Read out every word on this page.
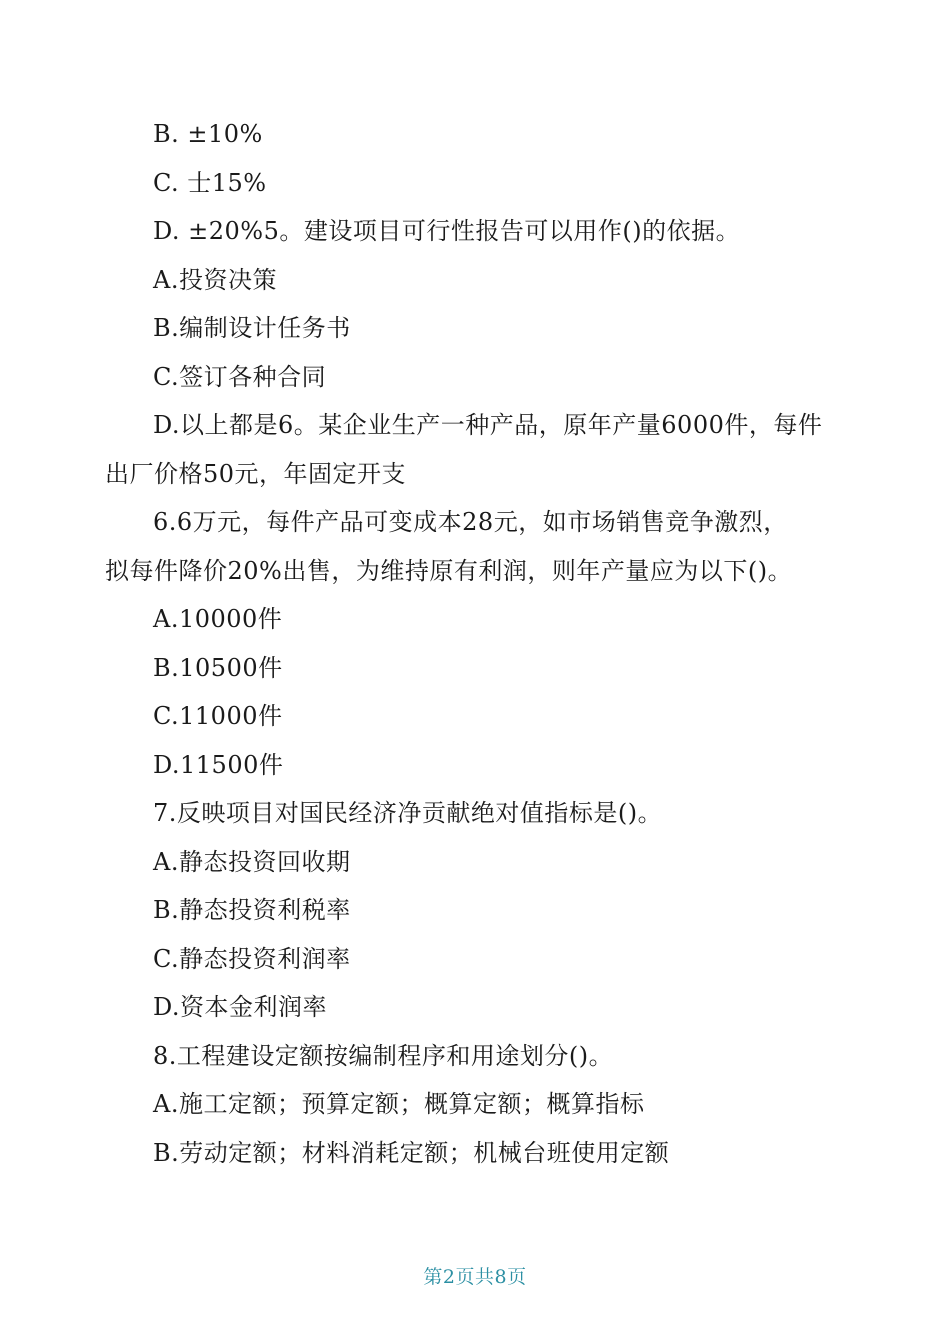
B. ±10%
C. 士15%
D. ±20%5。建设项目可行性报告可以用作()的依据。
A.投资决策
B.编制设计任务书
C.签订各种合同
D.以上都是6。某企业生产一种产品，原年产量6000件，每件
出厂价格50元，年固定开支
6.6万元，每件产品可变成本28元，如市场销售竞争激烈，
拟每件降价20%出售，为维持原有利润，则年产量应为以下()。
A.10000件
B.10500件
C.11000件
D.11500件
7.反映项目对国民经济净贡献绝对值指标是()。
A.静态投资回收期
B.静态投资利税率
C.静态投资利润率
D.资本金利润率
8.工程建设定额按编制程序和用途划分()。
A.施工定额；预算定额；概算定额；概算指标
B.劳动定额；材料消耗定额；机械台班使用定额
第2页共8页
